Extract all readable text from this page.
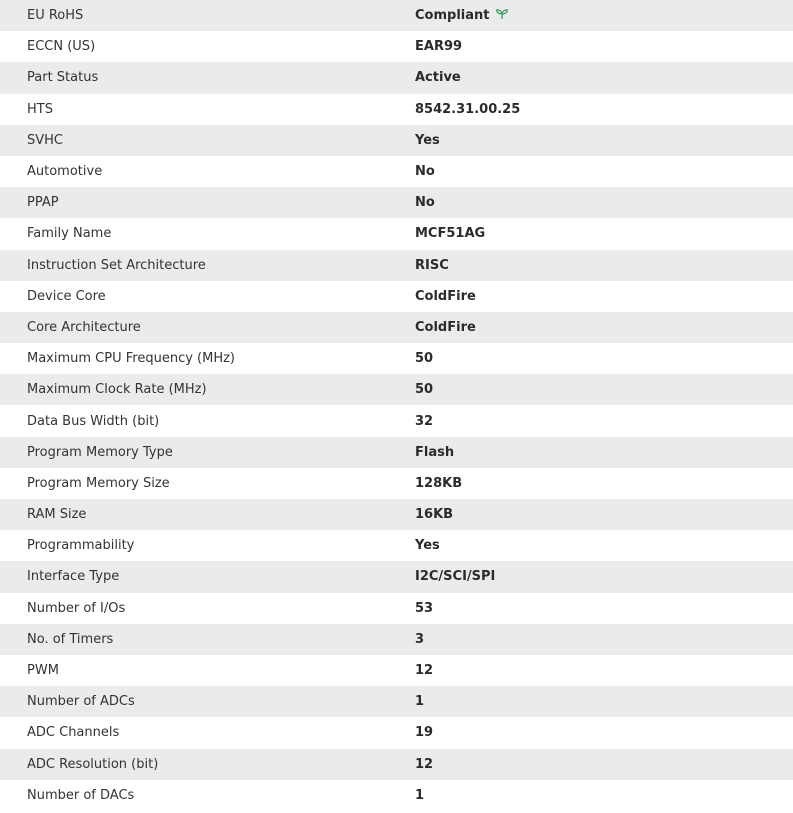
EU RoHS	Compliant

ECCN (US)	EAR99
Part Status	Active
HTS	8542.31.00.25
SVHC	Yes
Automotive	No
PPAP	No
Family Name	MCF51AG
Instruction Set Architecture	RISC
Device Core	ColdFire
Core Architecture	ColdFire
Maximum CPU Frequency (MHz)	50
Maximum Clock Rate (MHz)	50
Data Bus Width (bit)	32
Program Memory Type	Flash
Program Memory Size	128KB
RAM Size	16KB
Programmability	Yes
Interface Type	I2C/SCI/SPI
Number of I/Os	53
No. of Timers	3
PWM	12
Number of ADCs	1
ADC Channels	19
ADC Resolution (bit)	12
Number of DACs	1
